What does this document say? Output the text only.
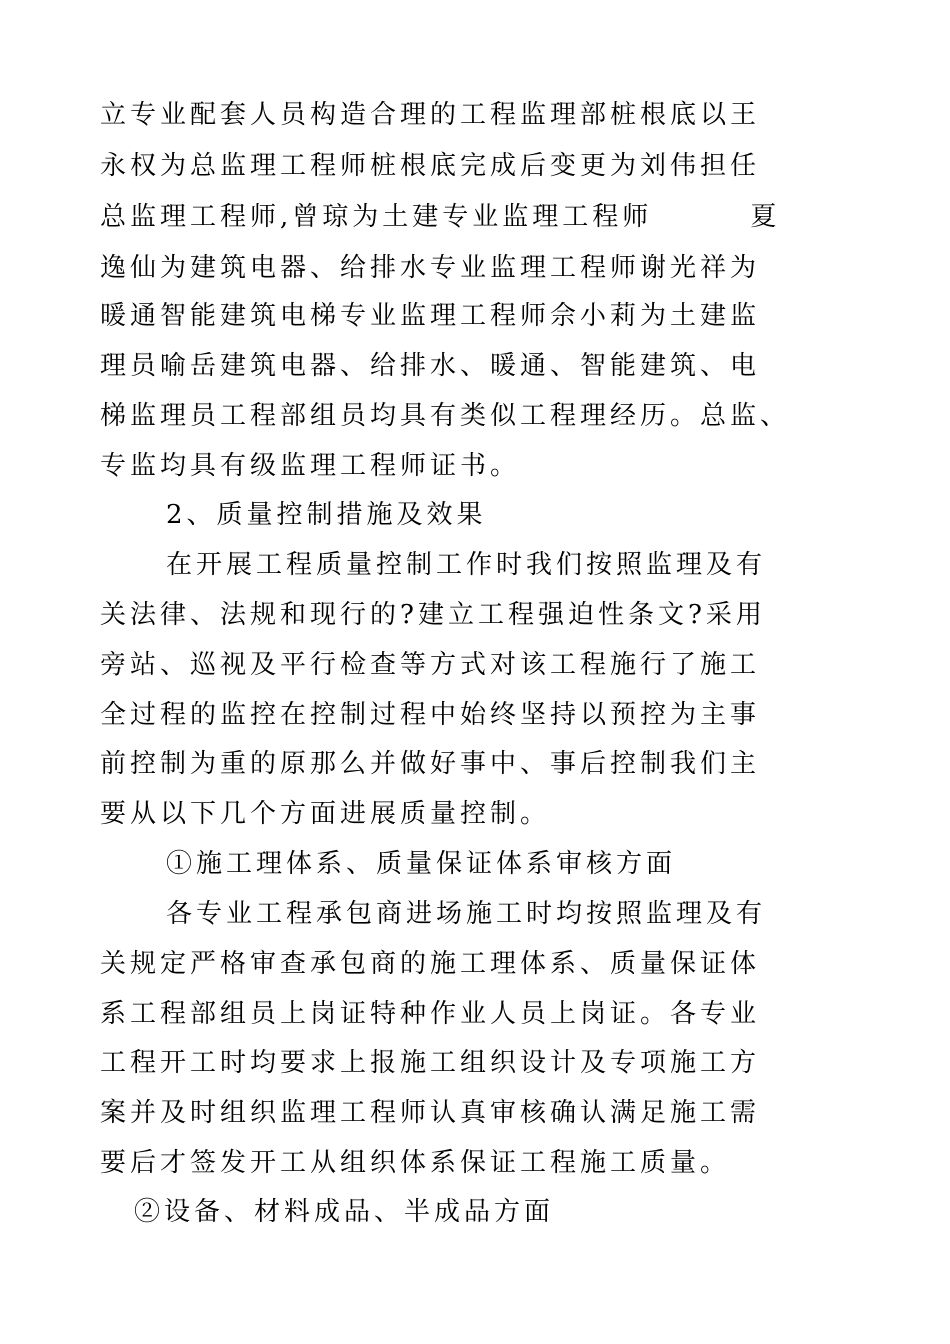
立专业配套人员构造合理的工程监理部桩根底以王
永权为总监理工程师桩根底完成后变更为刘伟担任
总监理工程师,曾琼为土建专业监理工程师        夏
逸仙为建筑电器、给排水专业监理工程师谢光祥为
暖通智能建筑电梯专业监理工程师佘小莉为土建监
理员喻岳建筑电器、给排水、暖通、智能建筑、电
梯监理员工程部组员均具有类似工程理经历。总监、
专监均具有级监理工程师证书。
2、质量控制措施及效果
在开展工程质量控制工作时我们按照监理及有
关法律、法规和现行的?建立工程强迫性条文?采用
旁站、巡视及平行检查等方式对该工程施行了施工
全过程的监控在控制过程中始终坚持以预控为主事
前控制为重的原那么并做好事中、事后控制我们主
要从以下几个方面进展质量控制。
①施工理体系、质量保证体系审核方面
各专业工程承包商进场施工时均按照监理及有
关规定严格审查承包商的施工理体系、质量保证体
系工程部组员上岗证特种作业人员上岗证。各专业
工程开工时均要求上报施工组织设计及专项施工方
案并及时组织监理工程师认真审核确认满足施工需
要后才签发开工从组织体系保证工程施工质量。
②设备、材料成品、半成品方面
